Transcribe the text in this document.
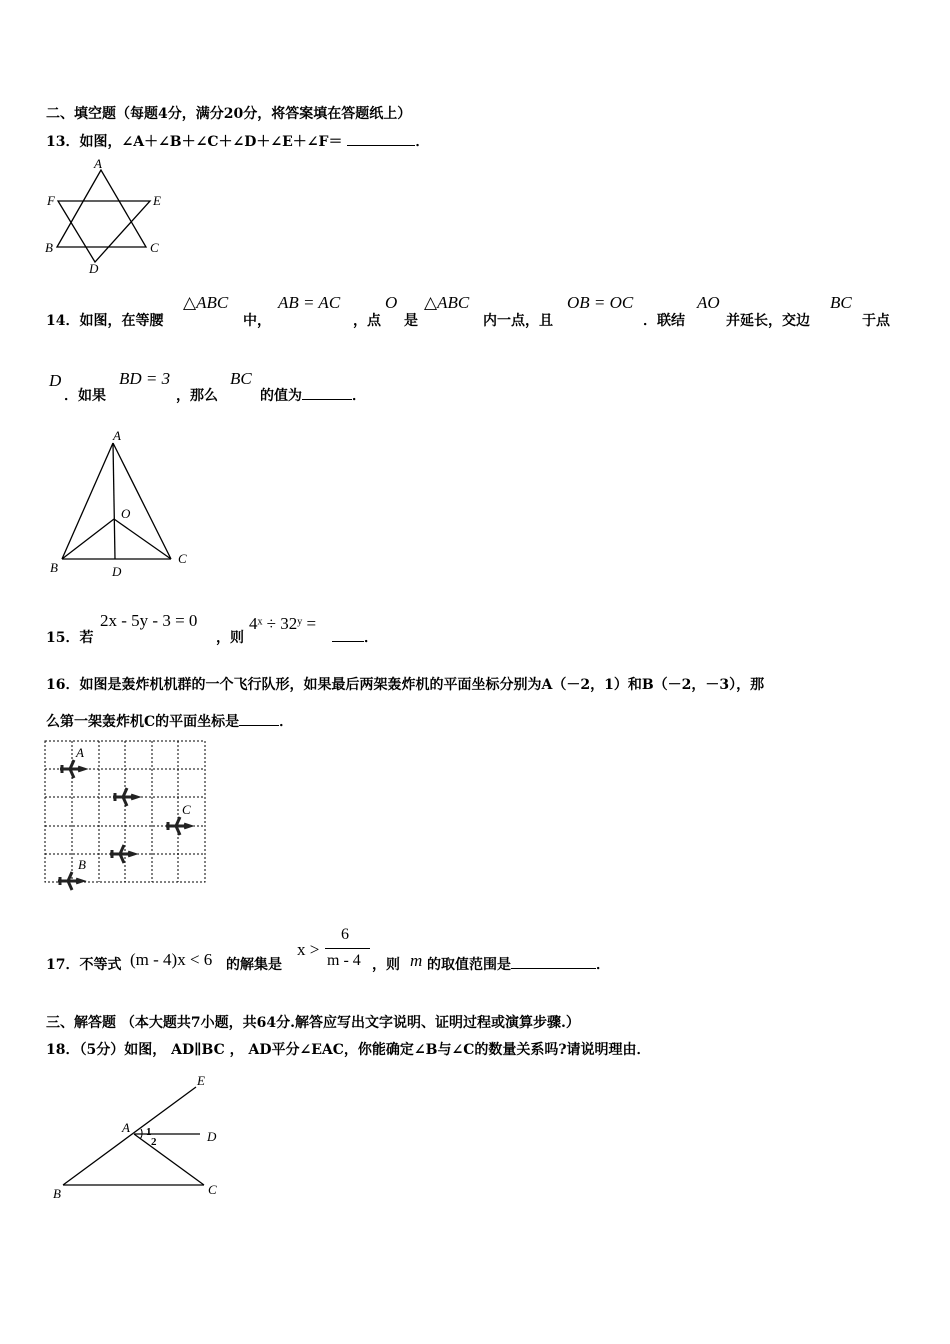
二、填空题（每题4分，满分20分，将答案填在答题纸上）
13．如图，∠A＋∠B＋∠C＋∠D＋∠E＋∠F＝	．
A
E
F
B	C
D
14．如图，在等腰
△ABC
中，
AB = AC
，点
O
是
△ABC
内一点，且
OB = OC
．联结
AO
并延长，交边
BC
于点
D
．如果
BD = 3
，那么
BC
的值为	．
A
O
B	D
C
15．若
2x - 5y - 3 = 0
，则
4ˣ ÷ 32ʸ =
．
16．如图是轰炸机机群的一个飞行队形，如果最后两架轰炸机的平面坐标分别为A（－2，1）和B（－2，－3），那
么第一架轰炸机C的平面坐标是	．
A
C
B
17．不等式 (m - 4)x < 6 的解集是
x >
6
m - 4 ，则 m 的取值范围是	．
三、解答题 （本大题共7小题，共64分.解答应写出文字说明、证明过程或演算步骤.）
18．（5分）如图， AD∥BC ， AD平分∠EAC，你能确定∠B与∠C的数量关系吗?请说明理由．
E
A 1
2	D
B	C
